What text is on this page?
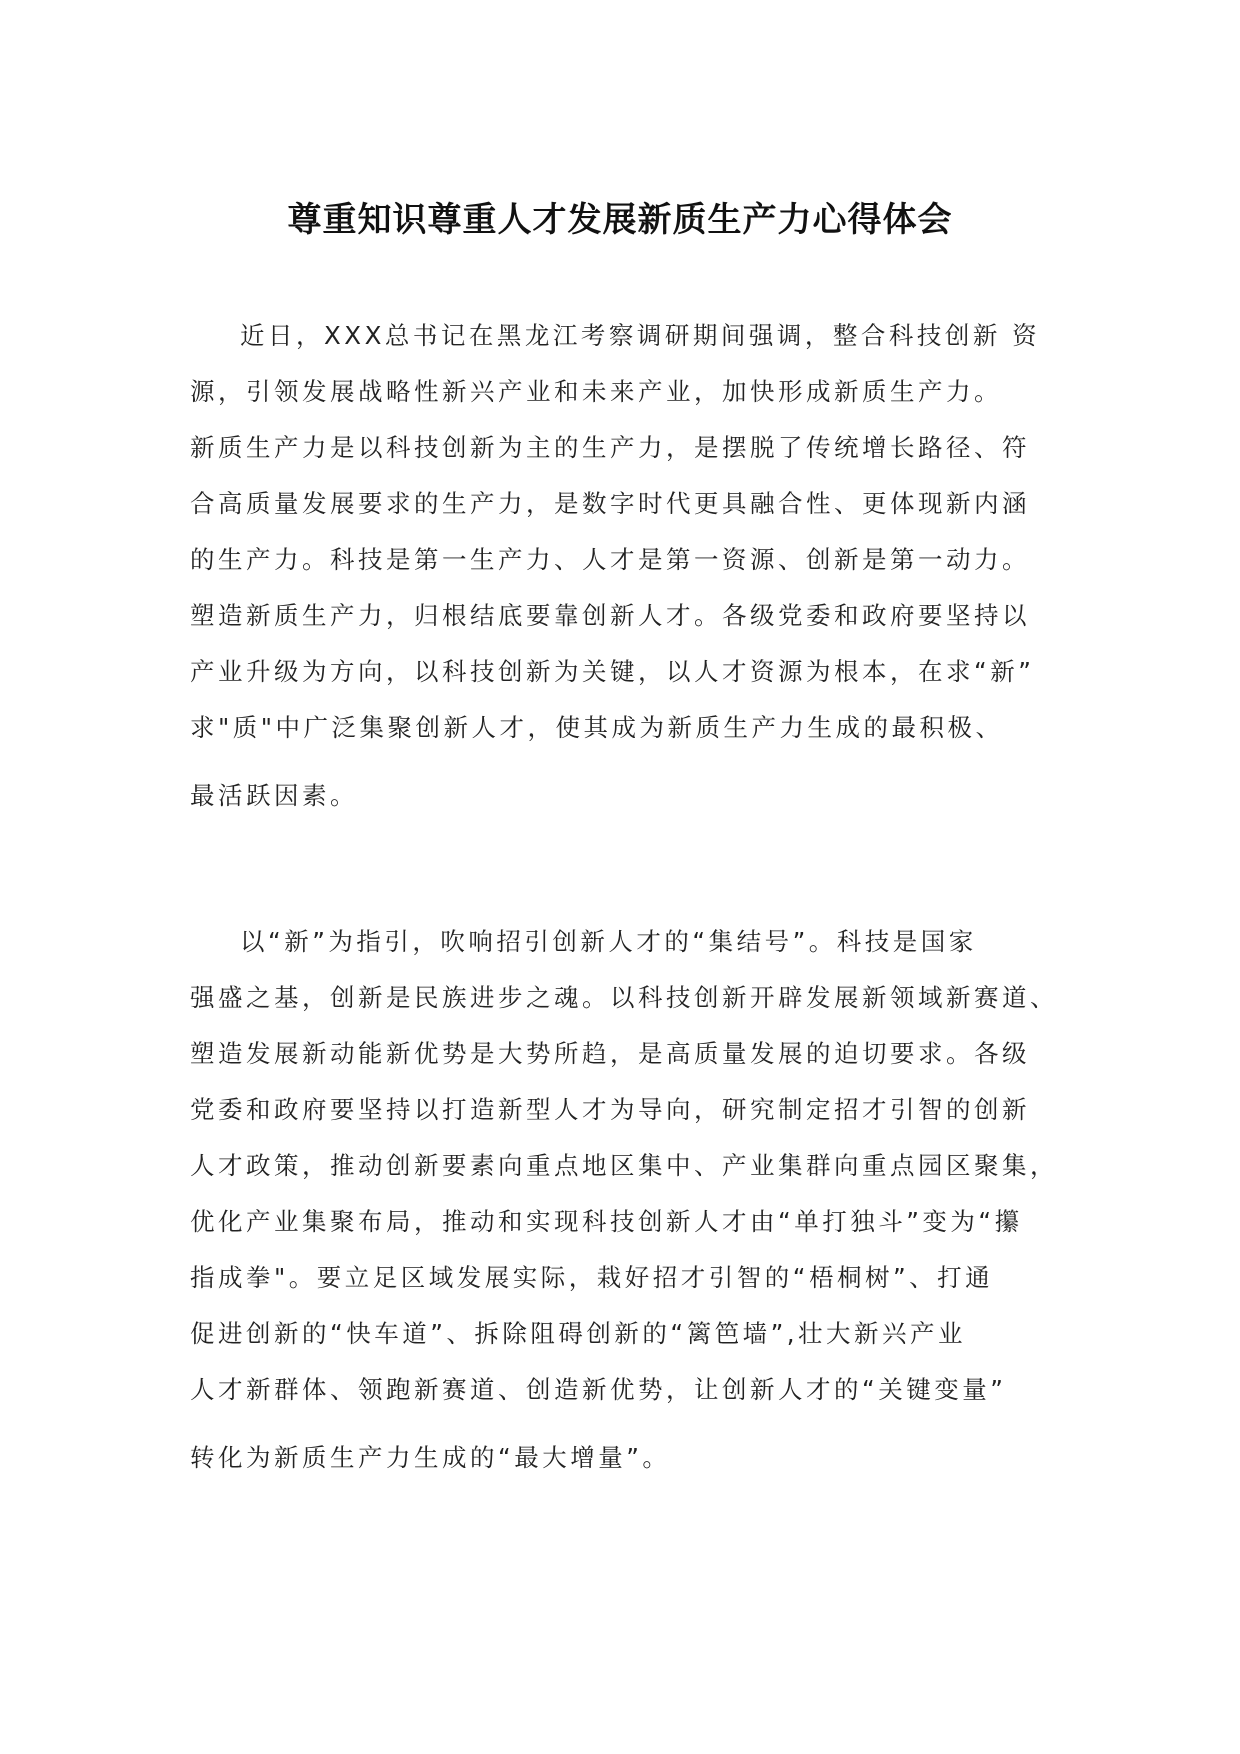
尊重知识尊重人才发展新质生产力心得体会
近日，XXX总书记在黑龙江考察调研期间强调，整合科技创新 资
源，引领发展战略性新兴产业和未来产业，加快形成新质生产力。
新质生产力是以科技创新为主的生产力，是摆脱了传统增长路径、符
合高质量发展要求的生产力，是数字时代更具融合性、更体现新内涵
的生产力。科技是第一生产力、人才是第一资源、创新是第一动力。
塑造新质生产力，归根结底要靠创新人才。各级党委和政府要坚持以
产业升级为方向，以科技创新为关键，以人才资源为根本，在求“新”
求"质"中广泛集聚创新人才，使其成为新质生产力生成的最积极、
最活跃因素。
以“新”为指引，吹响招引创新人才的“集结号”。科技是国家
强盛之基，创新是民族进步之魂。以科技创新开辟发展新领域新赛道、
塑造发展新动能新优势是大势所趋，是高质量发展的迫切要求。各级
党委和政府要坚持以打造新型人才为导向，研究制定招才引智的创新
人才政策，推动创新要素向重点地区集中、产业集群向重点园区聚集，
优化产业集聚布局，推动和实现科技创新人才由“单打独斗”变为“攥
指成拳"。要立足区域发展实际，栽好招才引智的“梧桐树”、打通
促进创新的“快车道”、拆除阻碍创新的“篱笆墙”,壮大新兴产业
人才新群体、领跑新赛道、创造新优势，让创新人才的“关键变量”
转化为新质生产力生成的“最大增量”。
